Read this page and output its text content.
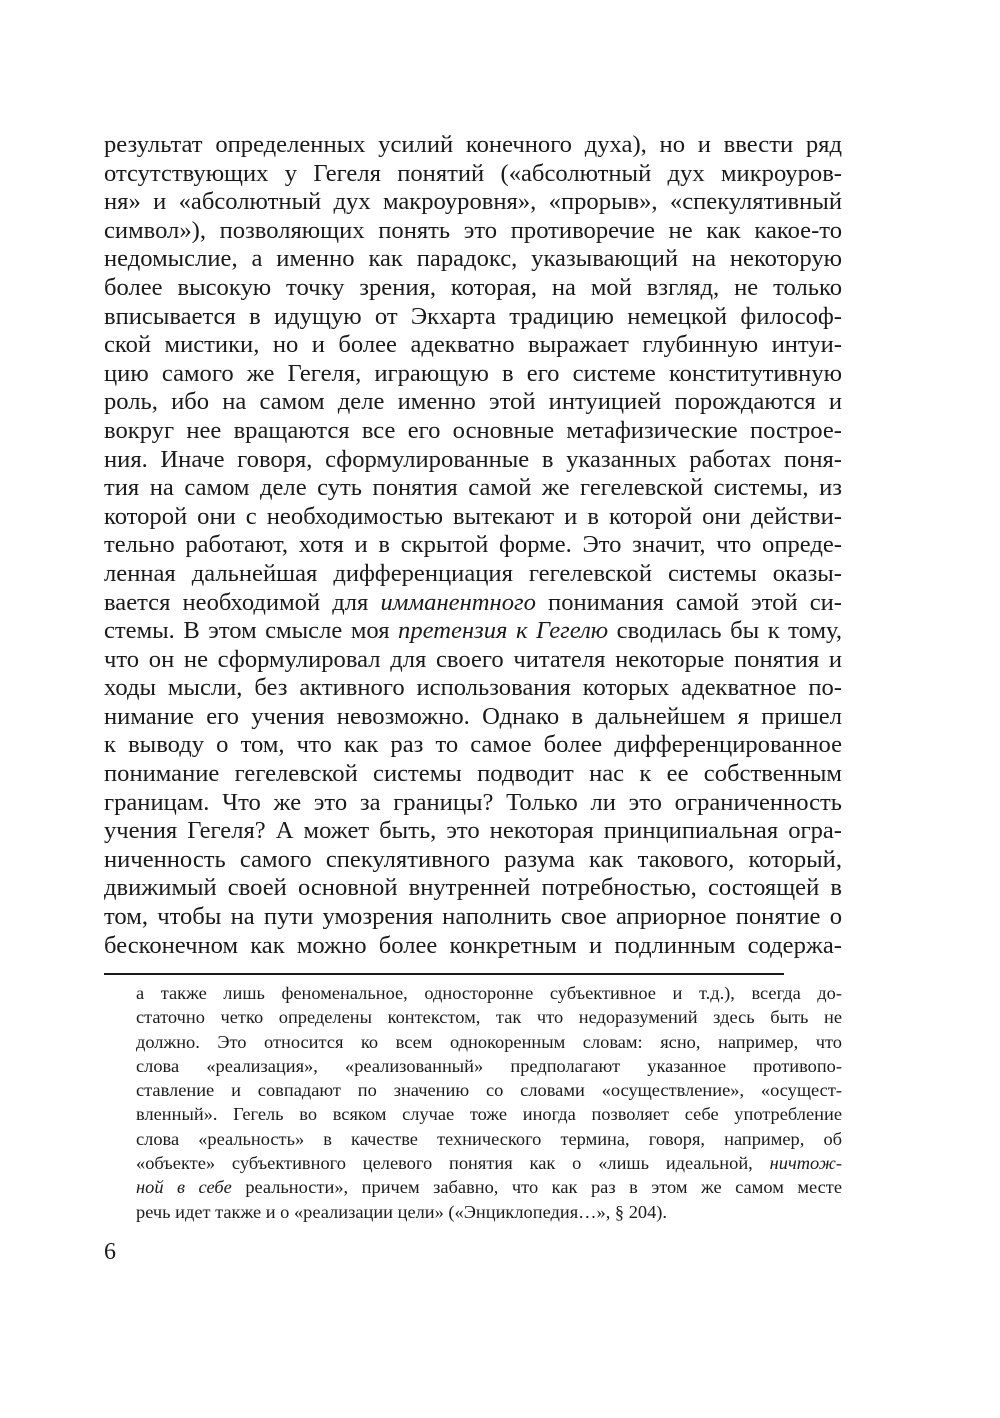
результат определенных усилий конечного духа), но и ввести ряд
отсутствующих у Гегеля понятий («абсолютный дух микроуров-
ня» и «абсолютный дух макроуровня», «прорыв», «спекулятивный
символ»), позволяющих понять это противоречие не как какое-то
недомыслие, а именно как парадокс, указывающий на некоторую
более высокую точку зрения, которая, на мой взгляд, не только
вписывается в идущую от Экхарта традицию немецкой философ-
ской мистики, но и более адекватно выражает глубинную интуи-
цию самого же Гегеля, играющую в его системе конститутивную
роль, ибо на самом деле именно этой интуицией порождаются и
вокруг нее вращаются все его основные метафизические построе-
ния. Иначе говоря, сформулированные в указанных работах поня-
тия на самом деле суть понятия самой же гегелевской системы, из
которой они с необходимостью вытекают и в которой они действи-
тельно работают, хотя и в скрытой форме. Это значит, что опреде-
ленная дальнейшая дифференциация гегелевской системы оказы-
вается необходимой для имманентного понимания самой этой си-
стемы. В этом смысле моя претензия к Гегелю сводилась бы к тому,
что он не сформулировал для своего читателя некоторые понятия и
ходы мысли, без активного использования которых адекватное по-
нимание его учения невозможно. Однако в дальнейшем я пришел
к выводу о том, что как раз то самое более дифференцированное
понимание гегелевской системы подводит нас к ее собственным
границам. Что же это за границы? Только ли это ограниченность
учения Гегеля? А может быть, это некоторая принципиальная огра-
ниченность самого спекулятивного разума как такового, который,
движимый своей основной внутренней потребностью, состоящей в
том, чтобы на пути умозрения наполнить свое априорное понятие о
бесконечном как можно более конкретным и подлинным содержа-
а также лишь феноменальное, одностороннe субъективное и т.д.), всегда до-
статочно четко определены контекстом, так что недоразумений здесь быть не
должно. Это относится ко всем однокоренным словам: ясно, например, что
слова «реализация», «реализованный» предполагают указанное противопо-
ставление и совпадают по значению со словами «осуществление», «осущест-
вленный». Гегель во всяком случае тоже иногда позволяет себе употребление
слова «реальность» в качестве технического термина, говоря, например, об
«объекте» субъективного целевого понятия как о «лишь идеальной, ничтож-
ной в себе реальности», причем забавно, что как раз в этом же самом месте
речь идет также и о «реализации цели» («Энциклопедия…», § 204).
6
